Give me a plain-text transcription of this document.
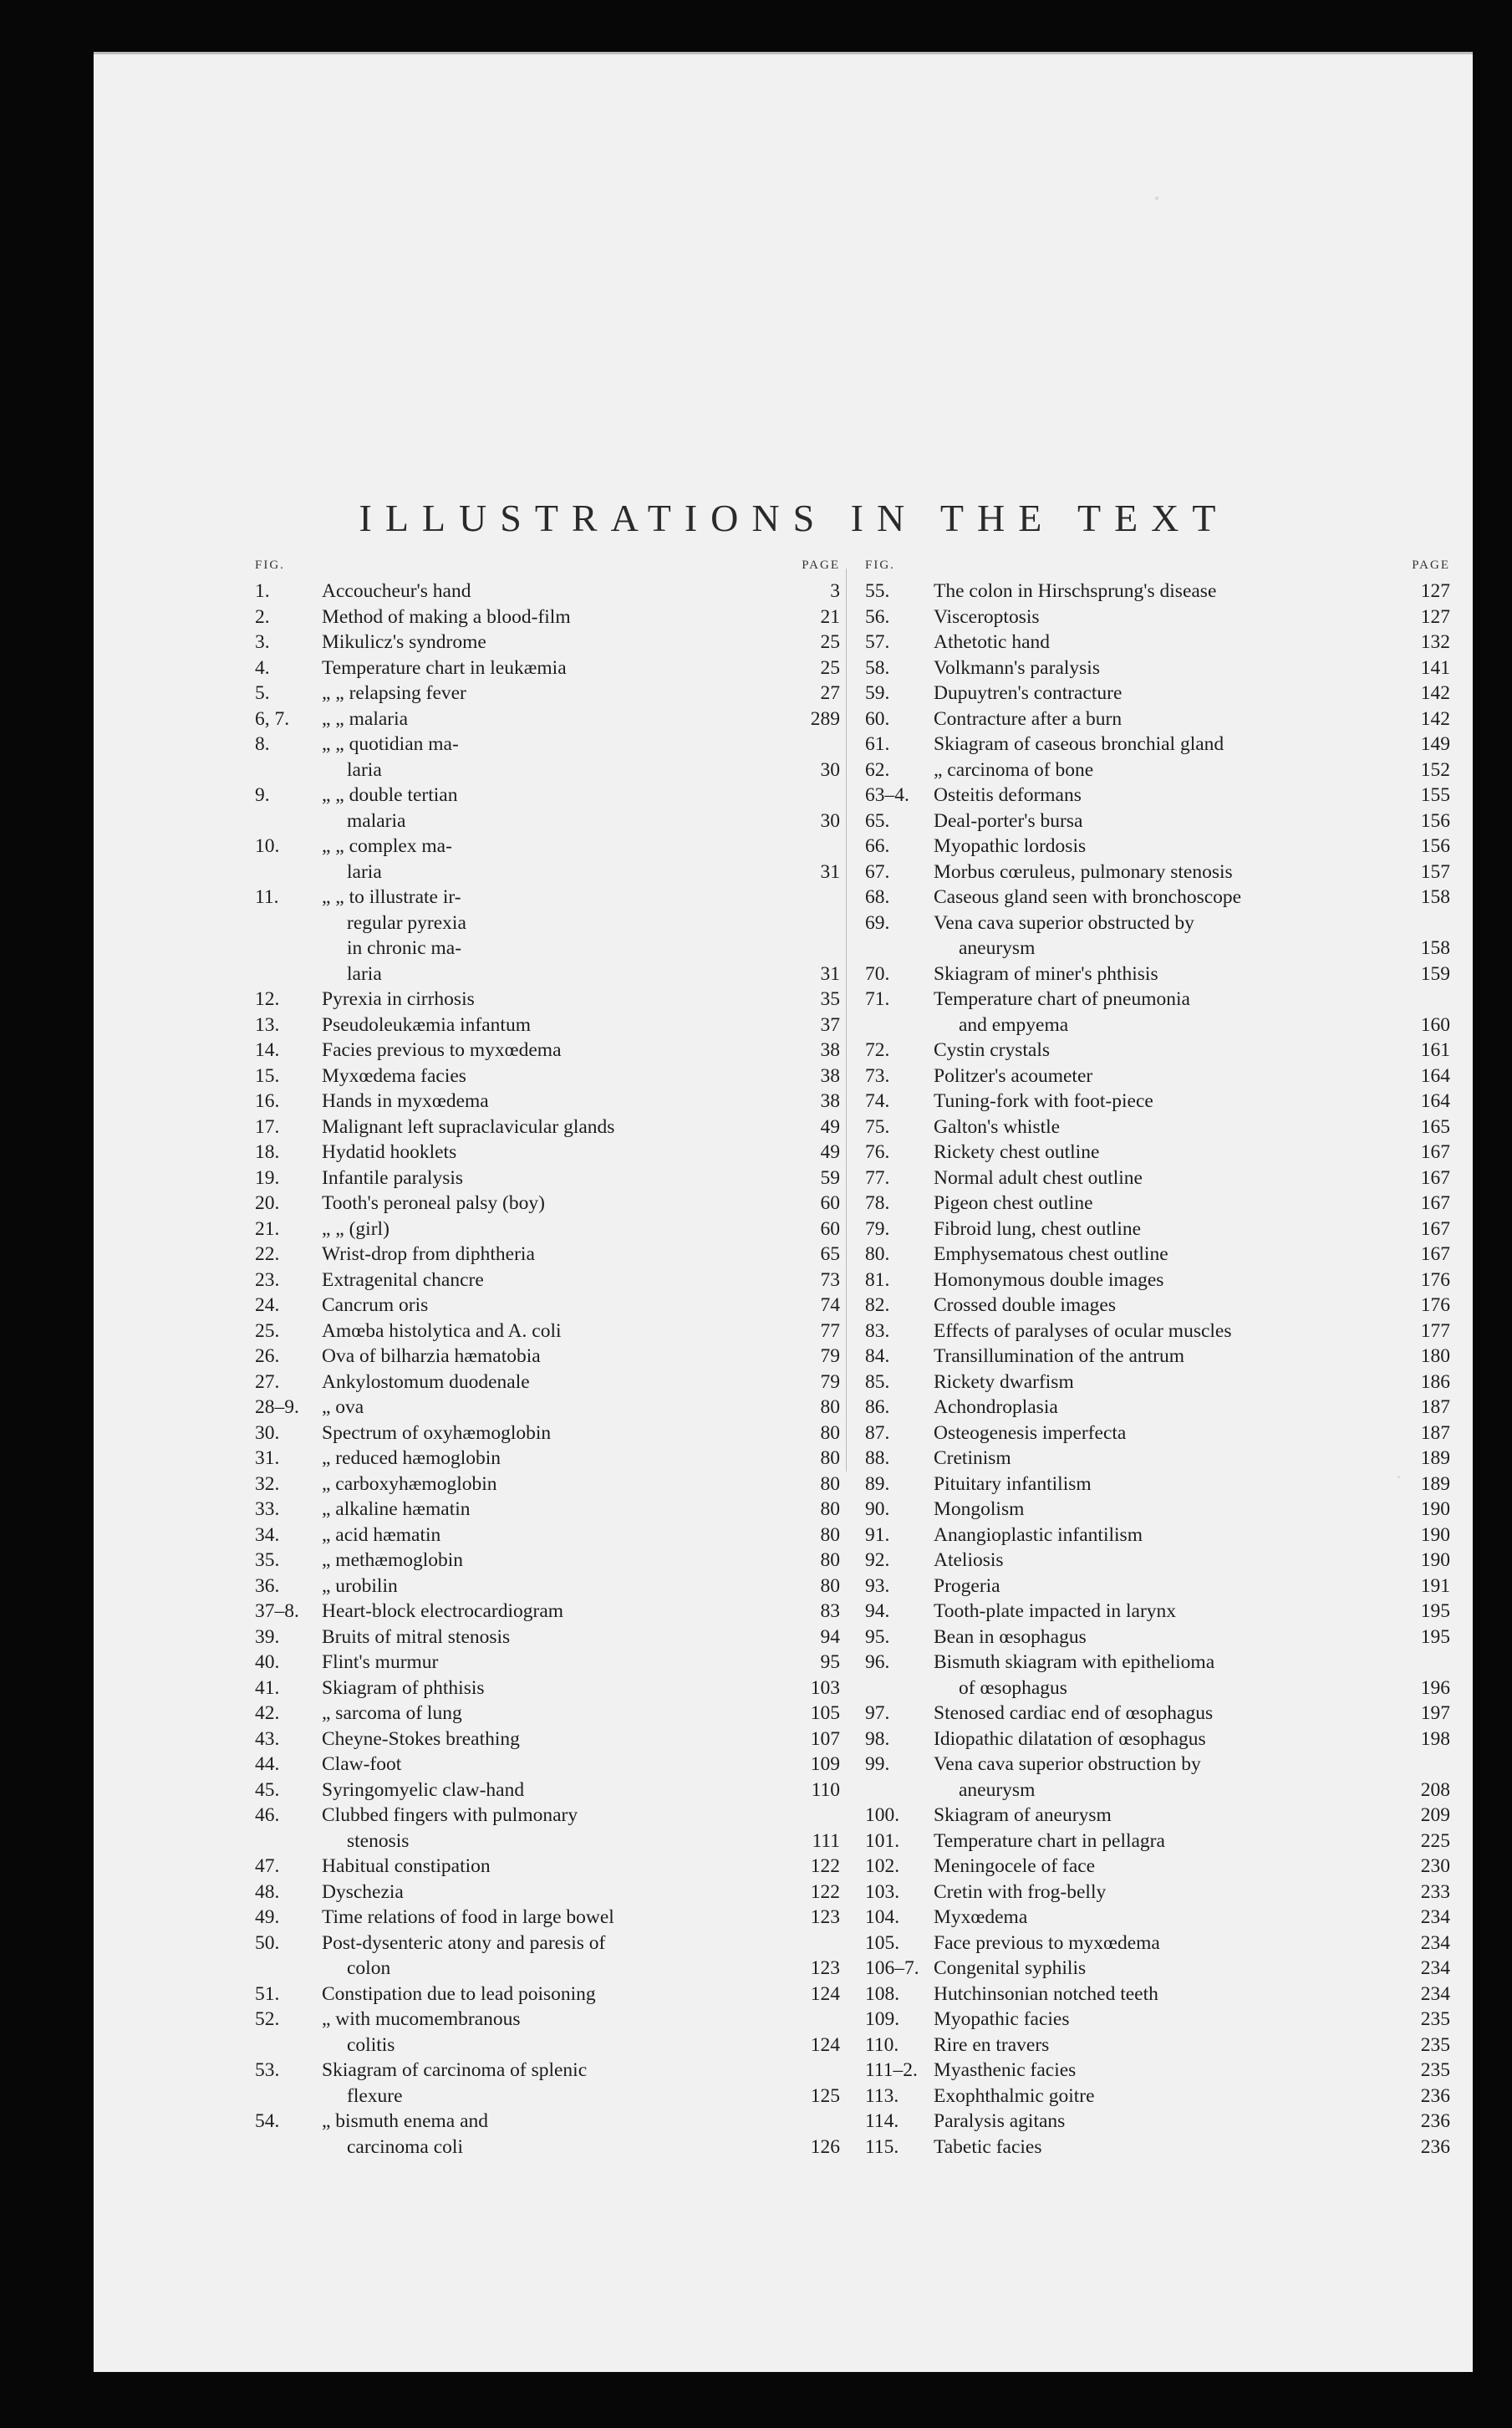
ILLUSTRATIONS IN THE TEXT
FIG.	PAGE
1.	Accoucheur's hand	3
2.	Method of making a blood-film	21
3.	Mikulicz's syndrome	25
4.	Temperature chart in leukæmia	25
5.	„ „ relapsing fever	27
6, 7.	„ „ malaria	289
8.	„ „ quotidian ma-
laria	30
9.	„ „ double tertian
malaria	30
10.	„ „ complex ma-
laria	31
11.	„ „ to illustrate ir-
regular pyrexia
in chronic ma-
laria	31
12.	Pyrexia in cirrhosis	35
13.	Pseudoleukæmia infantum	37
14.	Facies previous to myxœdema	38
15.	Myxœdema facies	38
16.	Hands in myxœdema	38
17.	Malignant left supraclavicular glands	49
18.	Hydatid hooklets	49
19.	Infantile paralysis	59
20.	Tooth's peroneal palsy (boy)	60
21.	„ „ (girl)	60
22.	Wrist-drop from diphtheria	65
23.	Extragenital chancre	73
24.	Cancrum oris	74
25.	Amœba histolytica and A. coli	77
26.	Ova of bilharzia hæmatobia	79
27.	Ankylostomum duodenale	79
28–9.	„ ova	80
30.	Spectrum of oxyhæmoglobin	80
31.	„ reduced hæmoglobin	80
32.	„ carboxyhæmoglobin	80
33.	„ alkaline hæmatin	80
34.	„ acid hæmatin	80
35.	„ methæmoglobin	80
36.	„ urobilin	80
37–8.	Heart-block electrocardiogram	83
39.	Bruits of mitral stenosis	94
40.	Flint's murmur	95
41.	Skiagram of phthisis	103
42.	„ sarcoma of lung	105
43.	Cheyne-Stokes breathing	107
44.	Claw-foot	109
45.	Syringomyelic claw-hand	110
46.	Clubbed fingers with pulmonary
stenosis	111
47.	Habitual constipation	122
48.	Dyschezia	122
49.	Time relations of food in large bowel	123
50.	Post-dysenteric atony and paresis of
colon	123
51.	Constipation due to lead poisoning	124
52.	„ with mucomembranous
colitis	124
53.	Skiagram of carcinoma of splenic
flexure	125
54.	„ bismuth enema and
carcinoma coli	126
FIG.	PAGE
55.	The colon in Hirschsprung's disease	127
56.	Visceroptosis	127
57.	Athetotic hand	132
58.	Volkmann's paralysis	141
59.	Dupuytren's contracture	142
60.	Contracture after a burn	142
61.	Skiagram of caseous bronchial gland	149
62.	„ carcinoma of bone	152
63–4.	Osteitis deformans	155
65.	Deal-porter's bursa	156
66.	Myopathic lordosis	156
67.	Morbus cœruleus, pulmonary stenosis	157
68.	Caseous gland seen with bronchoscope	158
69.	Vena cava superior obstructed by
aneurysm	158
70.	Skiagram of miner's phthisis	159
71.	Temperature chart of pneumonia
and empyema	160
72.	Cystin crystals	161
73.	Politzer's acoumeter	164
74.	Tuning-fork with foot-piece	164
75.	Galton's whistle	165
76.	Rickety chest outline	167
77.	Normal adult chest outline	167
78.	Pigeon chest outline	167
79.	Fibroid lung, chest outline	167
80.	Emphysematous chest outline	167
81.	Homonymous double images	176
82.	Crossed double images	176
83.	Effects of paralyses of ocular muscles	177
84.	Transillumination of the antrum	180
85.	Rickety dwarfism	186
86.	Achondroplasia	187
87.	Osteogenesis imperfecta	187
88.	Cretinism	189
89.	Pituitary infantilism	189
90.	Mongolism	190
91.	Anangioplastic infantilism	190
92.	Ateliosis	190
93.	Progeria	191
94.	Tooth-plate impacted in larynx	195
95.	Bean in œsophagus	195
96.	Bismuth skiagram with epithelioma
of œsophagus	196
97.	Stenosed cardiac end of œsophagus	197
98.	Idiopathic dilatation of œsophagus	198
99.	Vena cava superior obstruction by
aneurysm	208
100.	Skiagram of aneurysm	209
101.	Temperature chart in pellagra	225
102.	Meningocele of face	230
103.	Cretin with frog-belly	233
104.	Myxœdema	234
105.	Face previous to myxœdema	234
106–7. Congenital syphilis	234
108.	Hutchinsonian notched teeth	234
109.	Myopathic facies	235
110.	Rire en travers	235
111–2. Myasthenic facies	235
113.	Exophthalmic goitre	236
114.	Paralysis agitans	236
115.	Tabetic facies	236
